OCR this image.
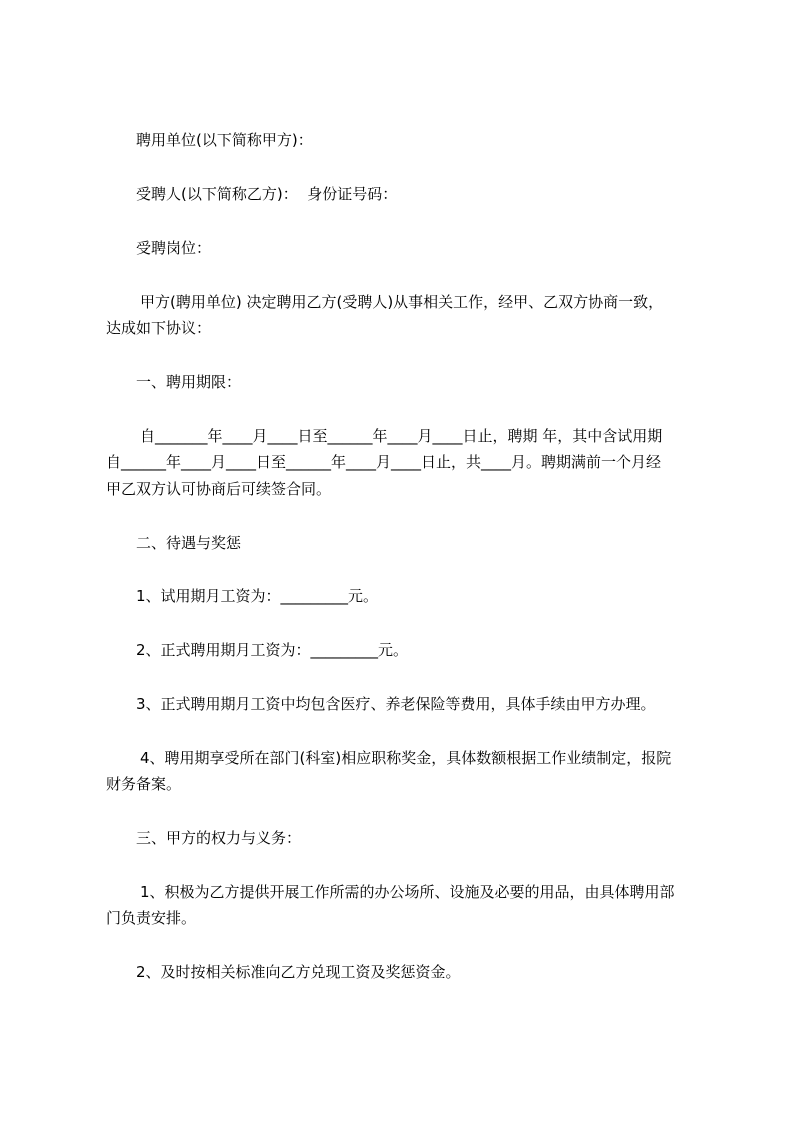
聘用单位(以下简称甲方)：
受聘人(以下简称乙方)：  身份证号码：
受聘岗位：
甲方(聘用单位) 决定聘用乙方(受聘人)从事相关工作，经甲、乙双方协商一致，
达成如下协议：
一、聘用期限：
自_______年____月____日至______年____月____日止，聘期 年，其中含试用期
自______年____月____日至______年____月____日止，共____月。聘期满前一个月经
甲乙双方认可协商后可续签合同。
二、待遇与奖惩
1、试用期月工资为：_________元。
2、正式聘用期月工资为：_________元。
3、正式聘用期月工资中均包含医疗、养老保险等费用，具体手续由甲方办理。
4、聘用期享受所在部门(科室)相应职称奖金，具体数额根据工作业绩制定，报院
财务备案。
三、甲方的权力与义务：
1、积极为乙方提供开展工作所需的办公场所、设施及必要的用品，由具体聘用部
门负责安排。
2、及时按相关标准向乙方兑现工资及奖惩资金。
